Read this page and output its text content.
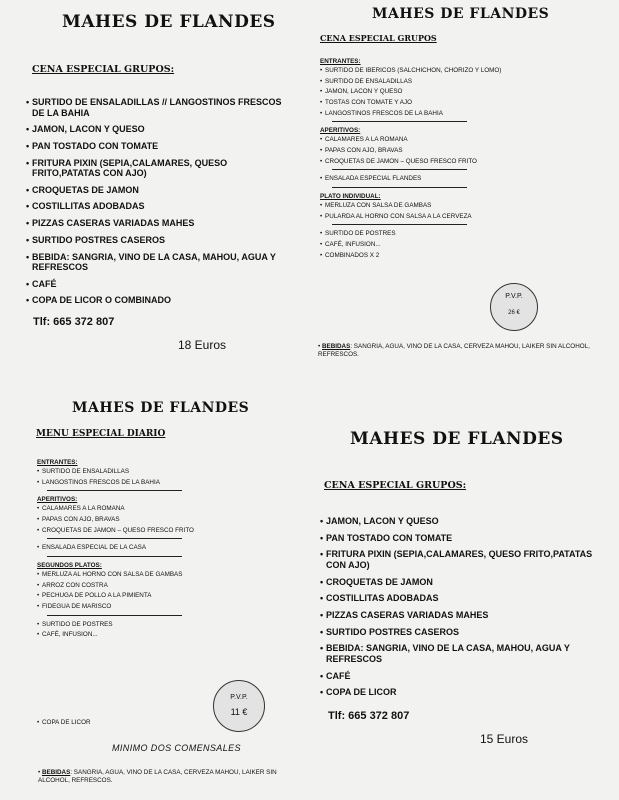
MAHES DE FLANDES
CENA ESPECIAL GRUPOS:
• SURTIDO DE ENSALADILLAS // LANGOSTINOS FRESCOS DE LA BAHIA
• JAMON, LACON Y QUESO
• PAN TOSTADO CON TOMATE
• FRITURA PIXIN (SEPIA,CALAMARES, QUESO FRITO,PATATAS CON AJO)
• CROQUETAS DE JAMON
• COSTILLITAS ADOBADAS
• PIZZAS CASERAS VARIADAS MAHES
• SURTIDO POSTRES CASEROS
• BEBIDA: SANGRIA, VINO DE LA CASA, MAHOU, AGUA Y REFRESCOS
• CAFÉ
• COPA DE LICOR O COMBINADO
Tlf: 665 372 807
18 Euros
MAHES DE FLANDES
CENA ESPECIAL GRUPOS
ENTRANTES:
• SURTIDO DE IBERICOS (SALCHICHON, CHORIZO Y LOMO)
• SURTIDO DE ENSALADILLAS
• JAMON, LACON Y QUESO
• TOSTAS CON TOMATE Y AJO
• LANGOSTINOS FRESCOS DE LA BAHIA
APERITIVOS:
• CALAMARES A LA ROMANA
• PAPAS CON AJO, BRAVAS
• CROQUETAS DE JAMON – QUESO FRESCO FRITO
• ENSALADA ESPECIAL FLANDES
PLATO INDIVIDUAL:
• MERLUZA CON SALSA DE GAMBAS
• PULARDA AL HORNO CON SALSA A LA CERVEZA
• SURTIDO DE POSTRES
• CAFÉ, INFUSION...
• COMBINADOS X 2
P.V.P.
26 €
• BEBIDAS: SANGRIA, AGUA, VINO DE LA CASA, CERVEZA MAHOU, LAIKER SIN ALCOHOL, REFRESCOS.
MAHES DE FLANDES
MENU ESPECIAL DIARIO
ENTRANTES:
• SURTIDO DE ENSALADILLAS
• LANGOSTINOS FRESCOS DE LA BAHIA
APERITIVOS:
• CALAMARES A LA ROMANA
• PAPAS CON AJO, BRAVAS
• CROQUETAS DE JAMON – QUESO FRESCO FRITO
• ENSALADA ESPECIAL DE LA CASA
SEGUNDOS PLATOS:
• MERLUZA AL HORNO CON SALSA DE GAMBAS
• ARROZ CON COSTRA
• PECHUGA DE POLLO A LA PIMIENTA
• FIDEGUA DE MARISCO
• SURTIDO DE POSTRES
• CAFÉ, INFUSION...
• COPA DE LICOR
P.V.P.
11 €
MINIMO DOS COMENSALES
• BEBIDAS: SANGRIA, AGUA, VINO DE LA CASA, CERVEZA MAHOU, LAIKER SIN ALCOHOL, REFRESCOS.
MAHES DE FLANDES
CENA ESPECIAL GRUPOS:
• JAMON, LACON Y QUESO
• PAN TOSTADO CON TOMATE
• FRITURA PIXIN (SEPIA,CALAMARES, QUESO FRITO,PATATAS CON AJO)
• CROQUETAS DE JAMON
• COSTILLITAS ADOBADAS
• PIZZAS CASERAS VARIADAS MAHES
• SURTIDO POSTRES CASEROS
• BEBIDA: SANGRIA, VINO DE LA CASA, MAHOU, AGUA Y REFRESCOS
• CAFÉ
• COPA DE LICOR
Tlf: 665 372 807
15 Euros
